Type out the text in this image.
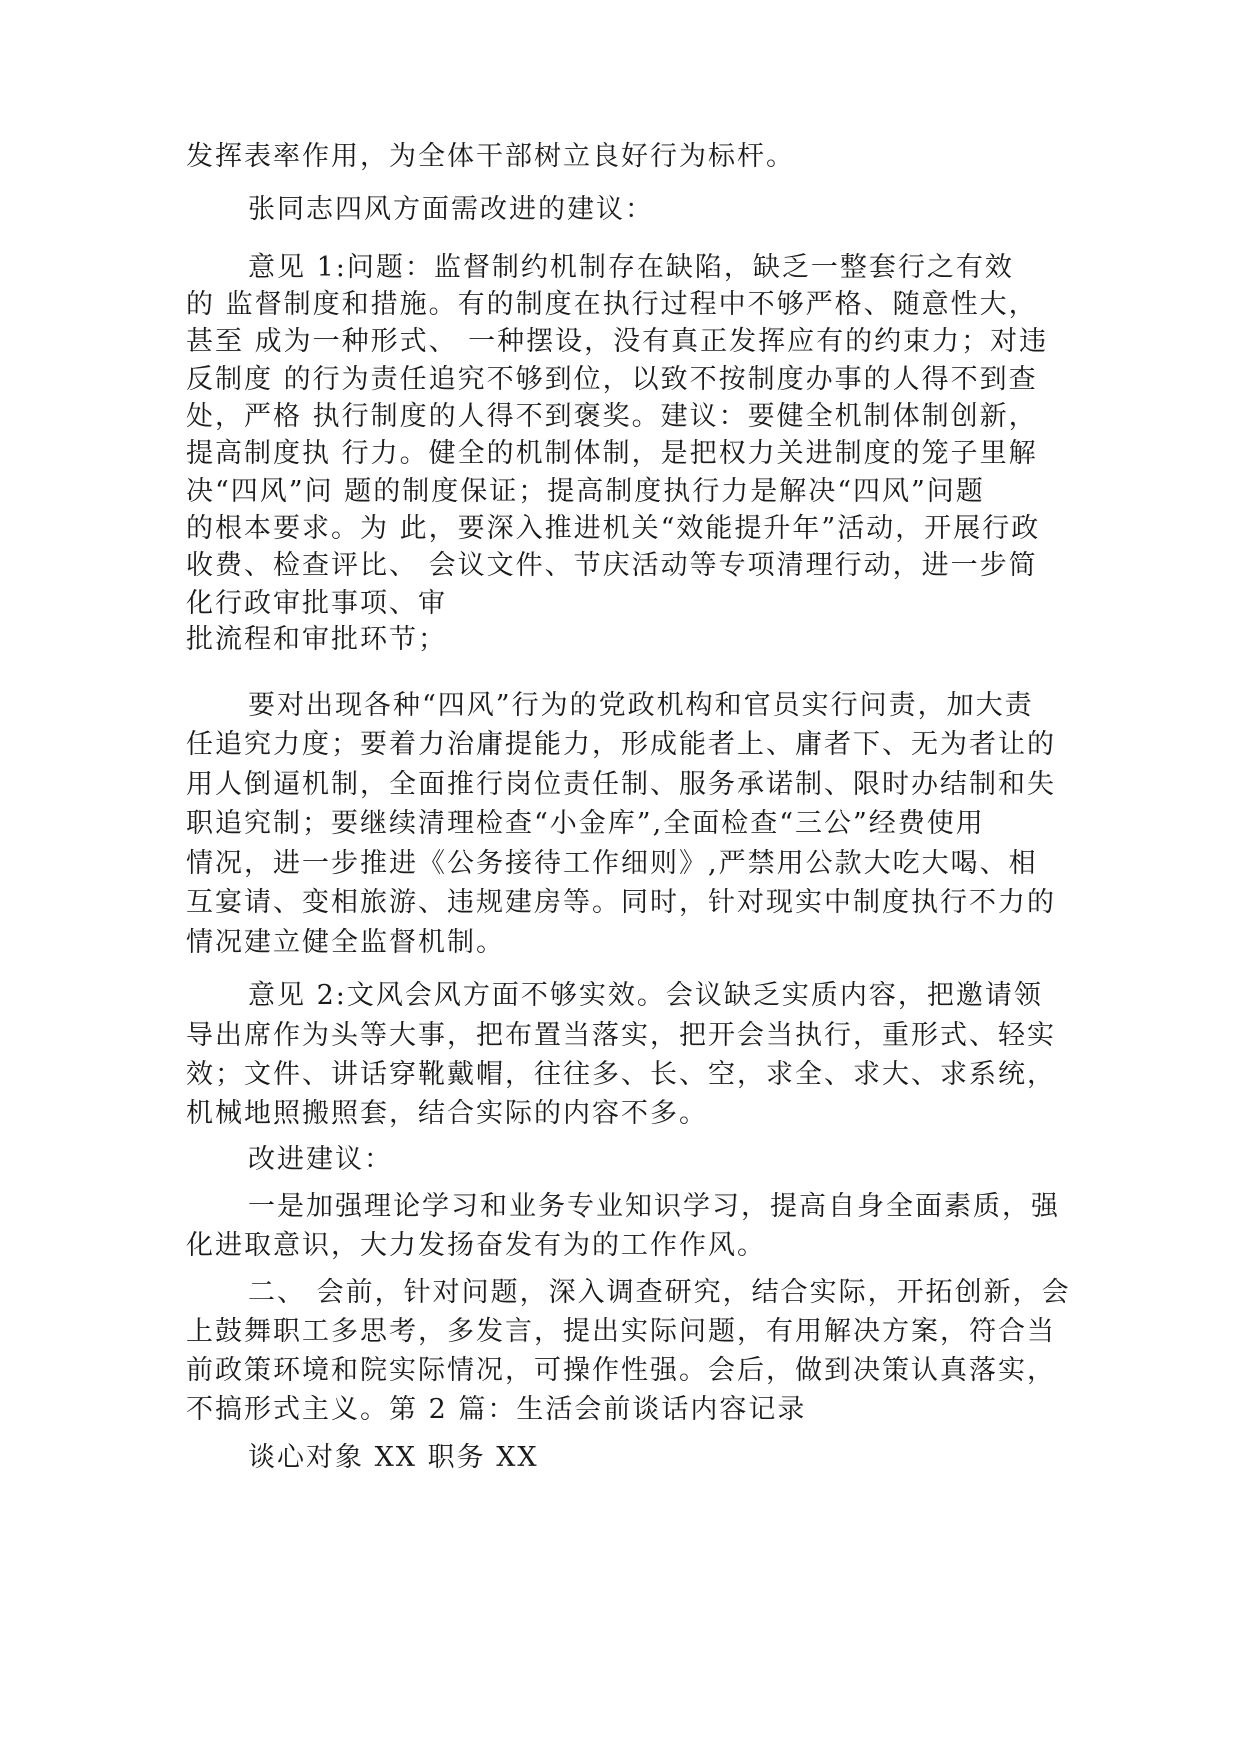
发挥表率作用，为全体干部树立良好行为标杆。
张同志四风方面需改进的建议：
意见 1:问题：监督制约机制存在缺陷，缺乏一整套行之有效
的 监督制度和措施。有的制度在执行过程中不够严格、随意性大，
甚至 成为一种形式、 一种摆设，没有真正发挥应有的约束力；对违
反制度 的行为责任追究不够到位，以致不按制度办事的人得不到查
处，严格 执行制度的人得不到褒奖。建议：要健全机制体制创新，
提高制度执 行力。健全的机制体制，是把权力关进制度的笼子里解
决“四风”问 题的制度保证；提高制度执行力是解决“四风”问题
的根本要求。为 此，要深入推进机关“效能提升年”活动，开展行政
收费、检查评比、 会议文件、节庆活动等专项清理行动，进一步简
化行政审批事项、审
批流程和审批环节；
要对出现各种“四风”行为的党政机构和官员实行问责，加大责
任追究力度；要着力治庸提能力，形成能者上、庸者下、无为者让的
用人倒逼机制，全面推行岗位责任制、服务承诺制、限时办结制和失
职追究制；要继续清理检查“小金库”,全面检查“三公”经费使用
情况，进一步推进《公务接待工作细则》,严禁用公款大吃大喝、相
互宴请、变相旅游、违规建房等。同时，针对现实中制度执行不力的
情况建立健全监督机制。
意见 2:文风会风方面不够实效。会议缺乏实质内容，把邀请领
导出席作为头等大事，把布置当落实，把开会当执行，重形式、轻实
效；文件、讲话穿靴戴帽，往往多、长、空，求全、求大、求系统，
机械地照搬照套，结合实际的内容不多。
改进建议：
一是加强理论学习和业务专业知识学习，提高自身全面素质，强
化进取意识，大力发扬奋发有为的工作作风。
二、 会前，针对问题，深入调查研究，结合实际，开拓创新，会
上鼓舞职工多思考，多发言，提出实际问题，有用解决方案，符合当
前政策环境和院实际情况，可操作性强。会后，做到决策认真落实，
不搞形式主义。第 2 篇：生活会前谈话内容记录
谈心对象 XX 职务 XX
